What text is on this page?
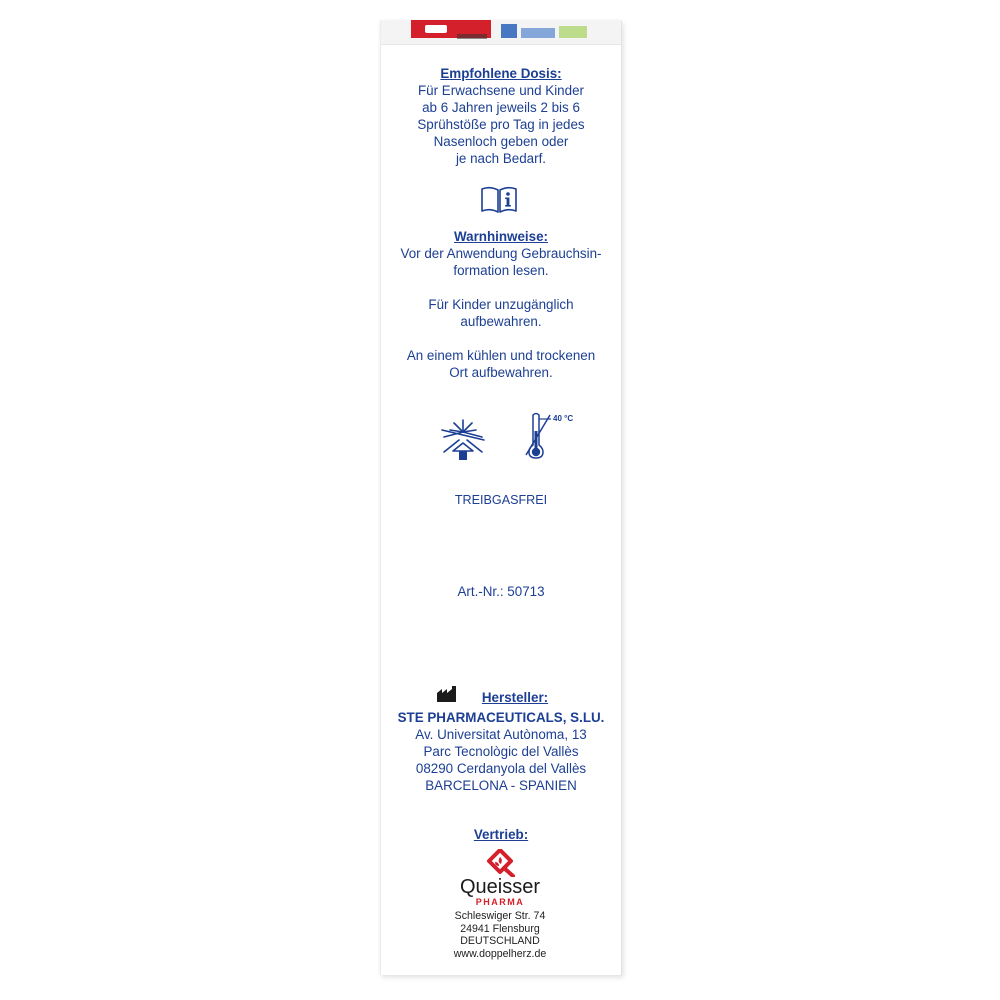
Empfohlene Dosis:
Für Erwachsene und Kinder
ab 6 Jahren jeweils 2 bis 6
Sprühstöße pro Tag in jedes
Nasenloch geben oder
je nach Bedarf.
Warnhinweise:
Vor der Anwendung Gebrauchsin-
formation lesen.
Für Kinder unzugänglich
aufbewahren.
An einem kühlen und trockenen
Ort aufbewahren.
TREIBGASFREI
Art.-Nr.: 50713
Hersteller:
STE PHARMACEUTICALS, S.LU.
Av. Universitat Autònoma, 13
Parc Tecnològic del Vallès
08290 Cerdanyola del Vallès
BARCELONA - SPANIEN
Vertrieb:
40 °C
Queisser
PHARMA
Schleswiger Str. 74
24941 Flensburg
DEUTSCHLAND
www.doppelherz.de
